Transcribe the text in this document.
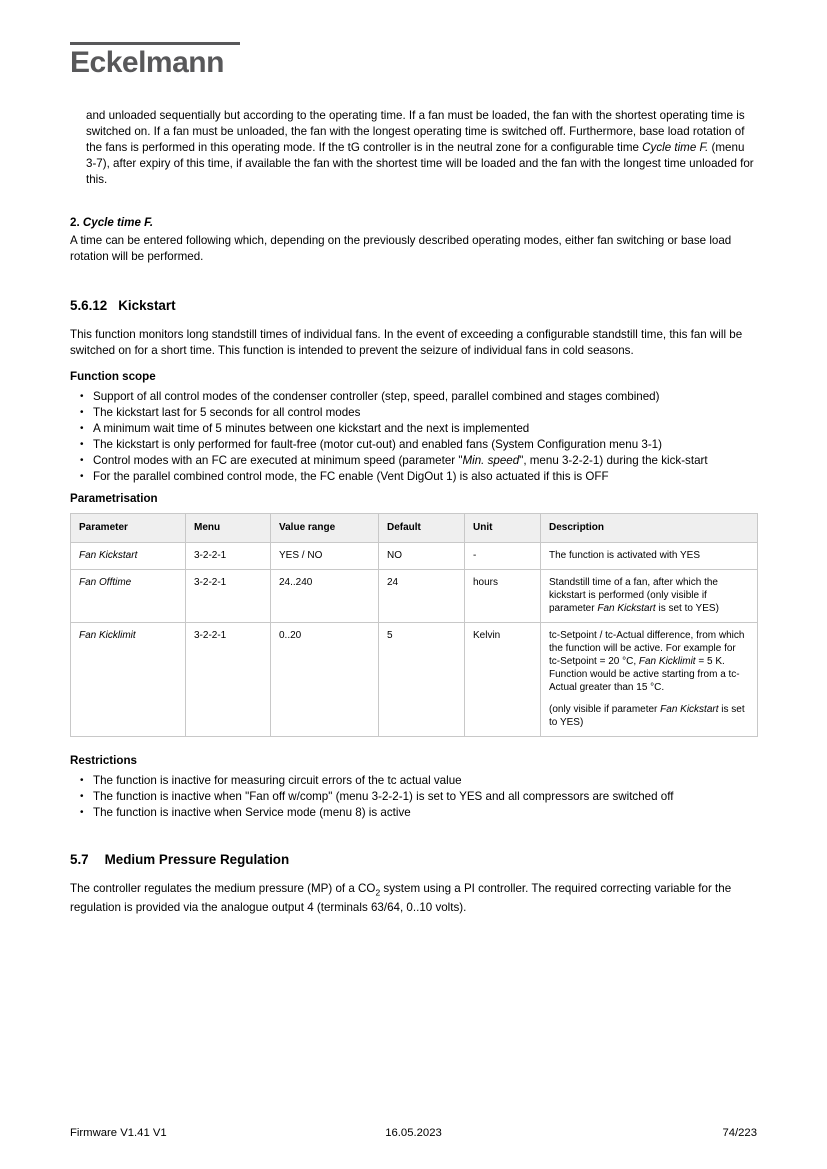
Eckelmann

and unloaded sequentially but according to the operating time. If a fan must be loaded, the fan with the shortest operating time is switched on. If a fan must be unloaded, the fan with the longest operating time is switched off. Furthermore, base load rotation of the fans is performed in this operating mode. If the tG controller is in the neutral zone for a configurable time Cycle time F. (menu 3-7), after expiry of this time, if available the fan with the shortest time will be loaded and the fan with the longest time unloaded for this.

2. Cycle time F.

A time can be entered following which, depending on the previously described operating modes, either fan switching or base load rotation will be performed.

5.6.12 Kickstart

This function monitors long standstill times of individual fans. In the event of exceeding a configurable standstill time, this fan will be switched on for a short time. This function is intended to prevent the seizure of individual fans in cold seasons.

Function scope

• Support of all control modes of the condenser controller (step, speed, parallel combined and stages combined)
• The kickstart last for 5 seconds for all control modes
• A minimum wait time of 5 minutes between one kickstart and the next is implemented
• The kickstart is only performed for fault-free (motor cut-out) and enabled fans (System Configuration menu 3-1)
• Control modes with an FC are executed at minimum speed (parameter "Min. speed", menu 3-2-2-1) during the kick-start
• For the parallel combined control mode, the FC enable (Vent DigOut 1) is also actuated if this is OFF

Parametrisation

Parameter	Menu	Value range	Default	Unit	Description
Fan Kickstart	3-2-2-1	YES / NO	NO	-	The function is activated with YES
Fan Offtime	3-2-2-1	24..240	24	hours	Standstill time of a fan, after which the kickstart is performed (only visible if parameter Fan Kickstart is set to YES)
Fan Kicklimit	3-2-2-1	0..20	5	Kelvin	tc-Setpoint / tc-Actual difference, from which the function will be active. For example for tc-Setpoint = 20 °C, Fan Kicklimit = 5 K. Function would be active starting from a tc-Actual greater than 15 °C.

(only visible if parameter Fan Kickstart is set to YES)

Restrictions

• The function is inactive for measuring circuit errors of the tc actual value
• The function is inactive when "Fan off w/comp" (menu 3-2-2-1) is set to YES and all compressors are switched off
• The function is inactive when Service mode (menu 8) is active
5.7 Medium Pressure Regulation

The controller regulates the medium pressure (MP) of a $CO_2$ system using a PI controller. The required correcting variable for the regulation is provided via the analogue output 4 (terminals 63/64, 0..10 volts).

Firmware V1.41 V1	16.05.2023	74/223
